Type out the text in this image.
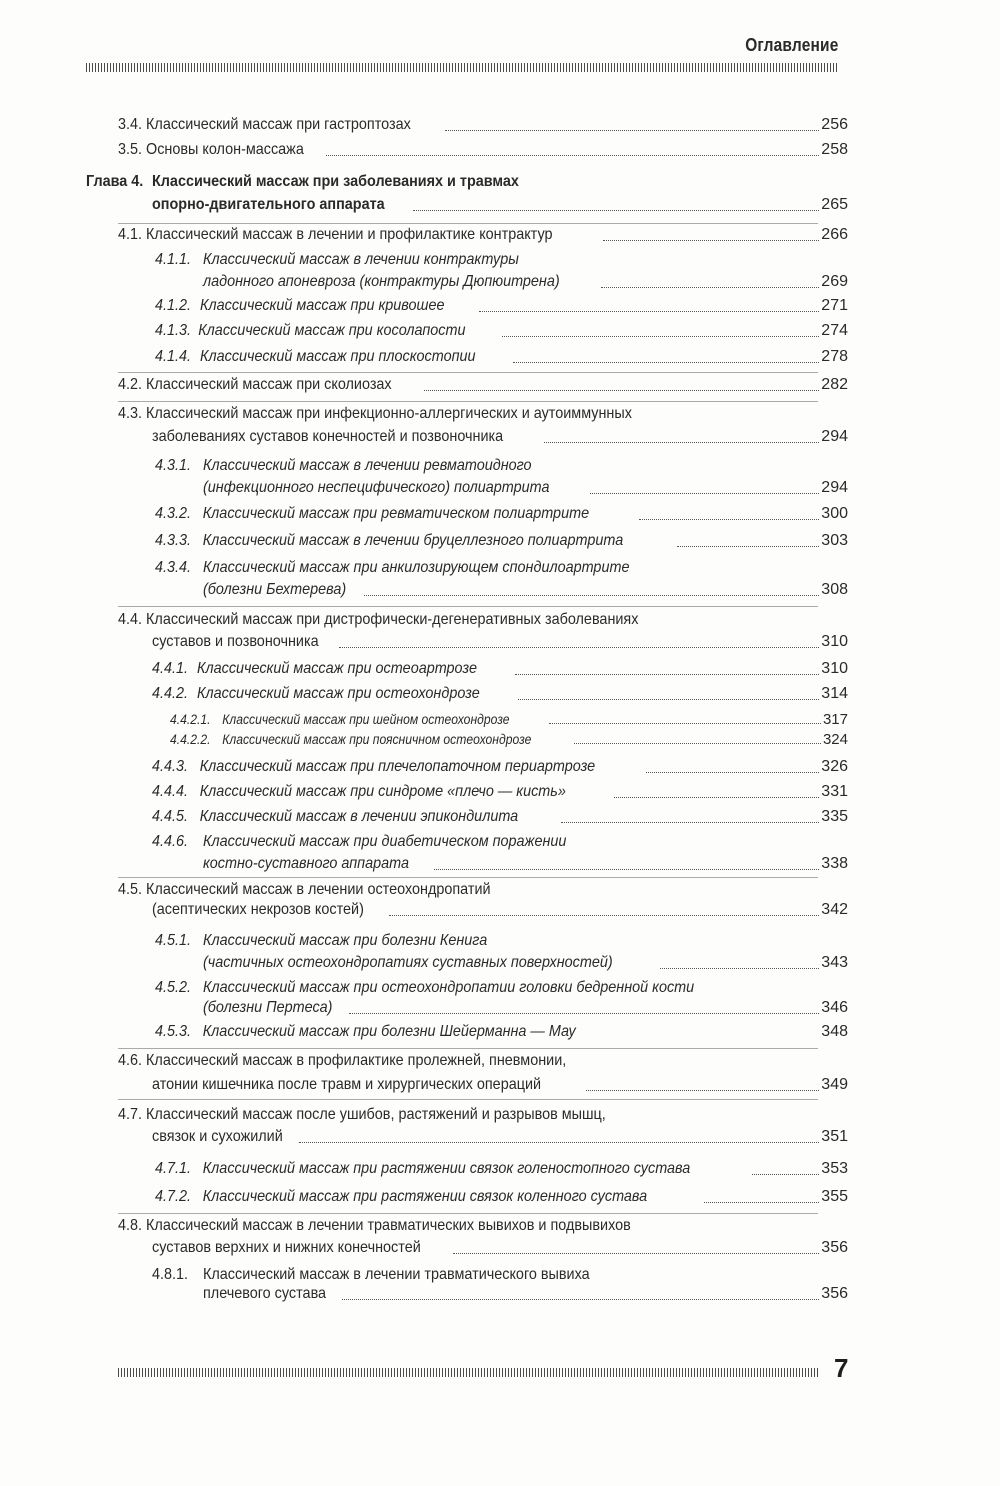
Оглавление
3.4. Классический массаж при гастроптозах	256
3.5. Основы колон-массажа	258
Глава 4. Классический массаж при заболеваниях и травмах
опорно-двигательного аппарата	265
4.1. Классический массаж в лечении и профилактике контрактур	266
4.1.1. Классический массаж в лечении контрактуры
ладонного апоневроза (контрактуры Дюпюитрена)	269
4.1.2. Классический массаж при кривошее	271
4.1.3. Классический массаж при косолапости	274
4.1.4. Классический массаж при плоскостопии	278
4.2. Классический массаж при сколиозах	282
4.3. Классический массаж при инфекционно-аллергических и аутоиммунных
заболеваниях суставов конечностей и позвоночника	294
4.3.1. Классический массаж в лечении ревматоидного
(инфекционного неспецифического) полиартрита	294
4.3.2. Классический массаж при ревматическом полиартрите	300
4.3.3. Классический массаж в лечении бруцеллезного полиартрита	303
4.3.4. Классический массаж при анкилозирующем спондилоартрите
(болезни Бехтерева)	308
4.4. Классический массаж при дистрофически-дегенеративных заболеваниях
суставов и позвоночника	310
4.4.1. Классический массаж при остеоартрозе	310
4.4.2. Классический массаж при остеохондрозе	314
4.4.2.1. Классический массаж при шейном остеохондрозе	317
4.4.2.2. Классический массаж при поясничном остеохондрозе	324
4.4.3. Классический массаж при плечелопаточном периартрозе	326
4.4.4. Классический массаж при синдроме «плечо — кисть»	331
4.4.5. Классический массаж в лечении эпикондилита	335
4.4.6. Классический массаж при диабетическом поражении
костно-суставного аппарата	338
4.5. Классический массаж в лечении остеохондропатий
(асептических некрозов костей)	342
4.5.1. Классический массаж при болезни Кенига
(частичных остеохондропатиях суставных поверхностей)	343
4.5.2. Классический массаж при остеохондропатии головки бедренной кости
(болезни Пертеса)	346
4.5.3. Классический массаж при болезни Шейерманна — Мау	348
4.6. Классический массаж в профилактике пролежней, пневмонии,
атонии кишечника после травм и хирургических операций	349
4.7. Классический массаж после ушибов, растяжений и разрывов мышц,
связок и сухожилий	351
4.7.1. Классический массаж при растяжении связок голеностопного сустава	353
4.7.2. Классический массаж при растяжении связок коленного сустава	355
4.8. Классический массаж в лечении травматических вывихов и подвывихов
суставов верхних и нижних конечностей	356
4.8.1. Классический массаж в лечении травматического вывиха
плечевого сустава	356
7
